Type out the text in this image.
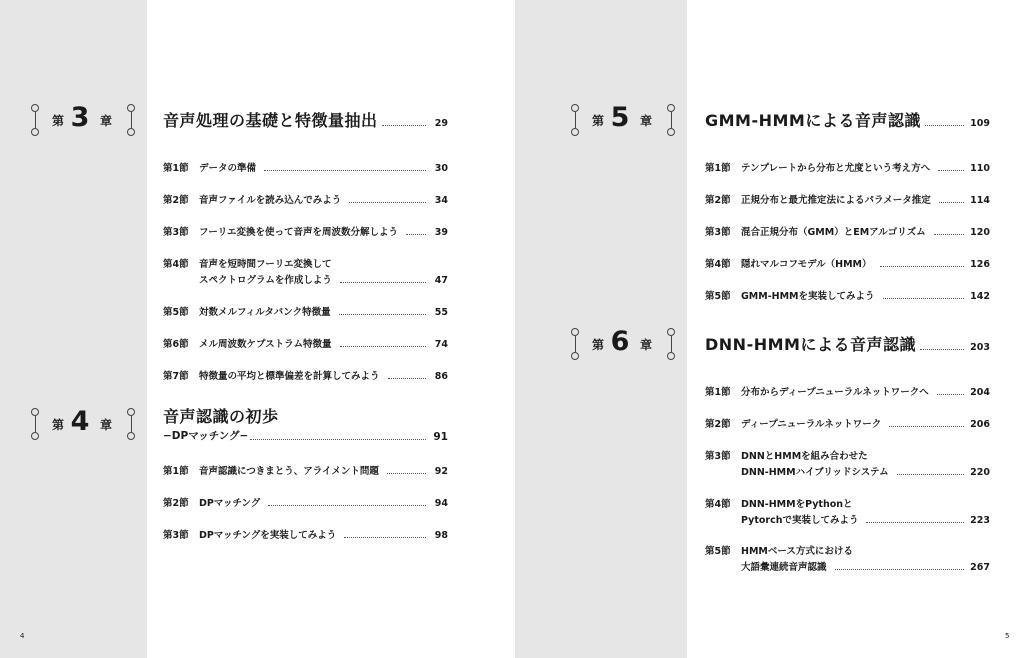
4	5
第 3 章	音声処理の基礎と特徴量抽出	29
第1節	データの準備	30
第2節	音声ファイルを読み込んでみよう	34
第3節	フーリエ変換を使って音声を周波数分解しよう	39
第4節	音声を短時間フーリエ変換して
スペクトログラムを作成しよう	47
第5節	対数メルフィルタバンク特徴量	55
第6節	メル周波数ケプストラム特徴量	74
第7節	特徴量の平均と標準偏差を計算してみよう	86
第 4 章	音声認識の初歩
−DPマッチング−	91
第1節	音声認識につきまとう、アライメント問題	92
第2節	DPマッチング	94
第3節	DPマッチングを実装してみよう	98
第 5 章	GMM-HMMによる音声認識	109
第1節	テンプレートから分布と尤度という考え方へ	110
第2節	正規分布と最尤推定法によるパラメータ推定	114
第3節	混合正規分布（GMM）とEMアルゴリズム	120
第4節	隠れマルコフモデル（HMM）	126
第5節	GMM-HMMを実装してみよう	142
第 6 章	DNN-HMMによる音声認識	203
第1節	分布からディープニューラルネットワークへ	204
第2節	ディープニューラルネットワーク	206
第3節	DNNとHMMを組み合わせた
DNN-HMMハイブリッドシステム	220
第4節	DNN-HMMをPythonと
Pytorchで実装してみよう	223
第5節	HMMベース方式における
大語彙連続音声認識	267
